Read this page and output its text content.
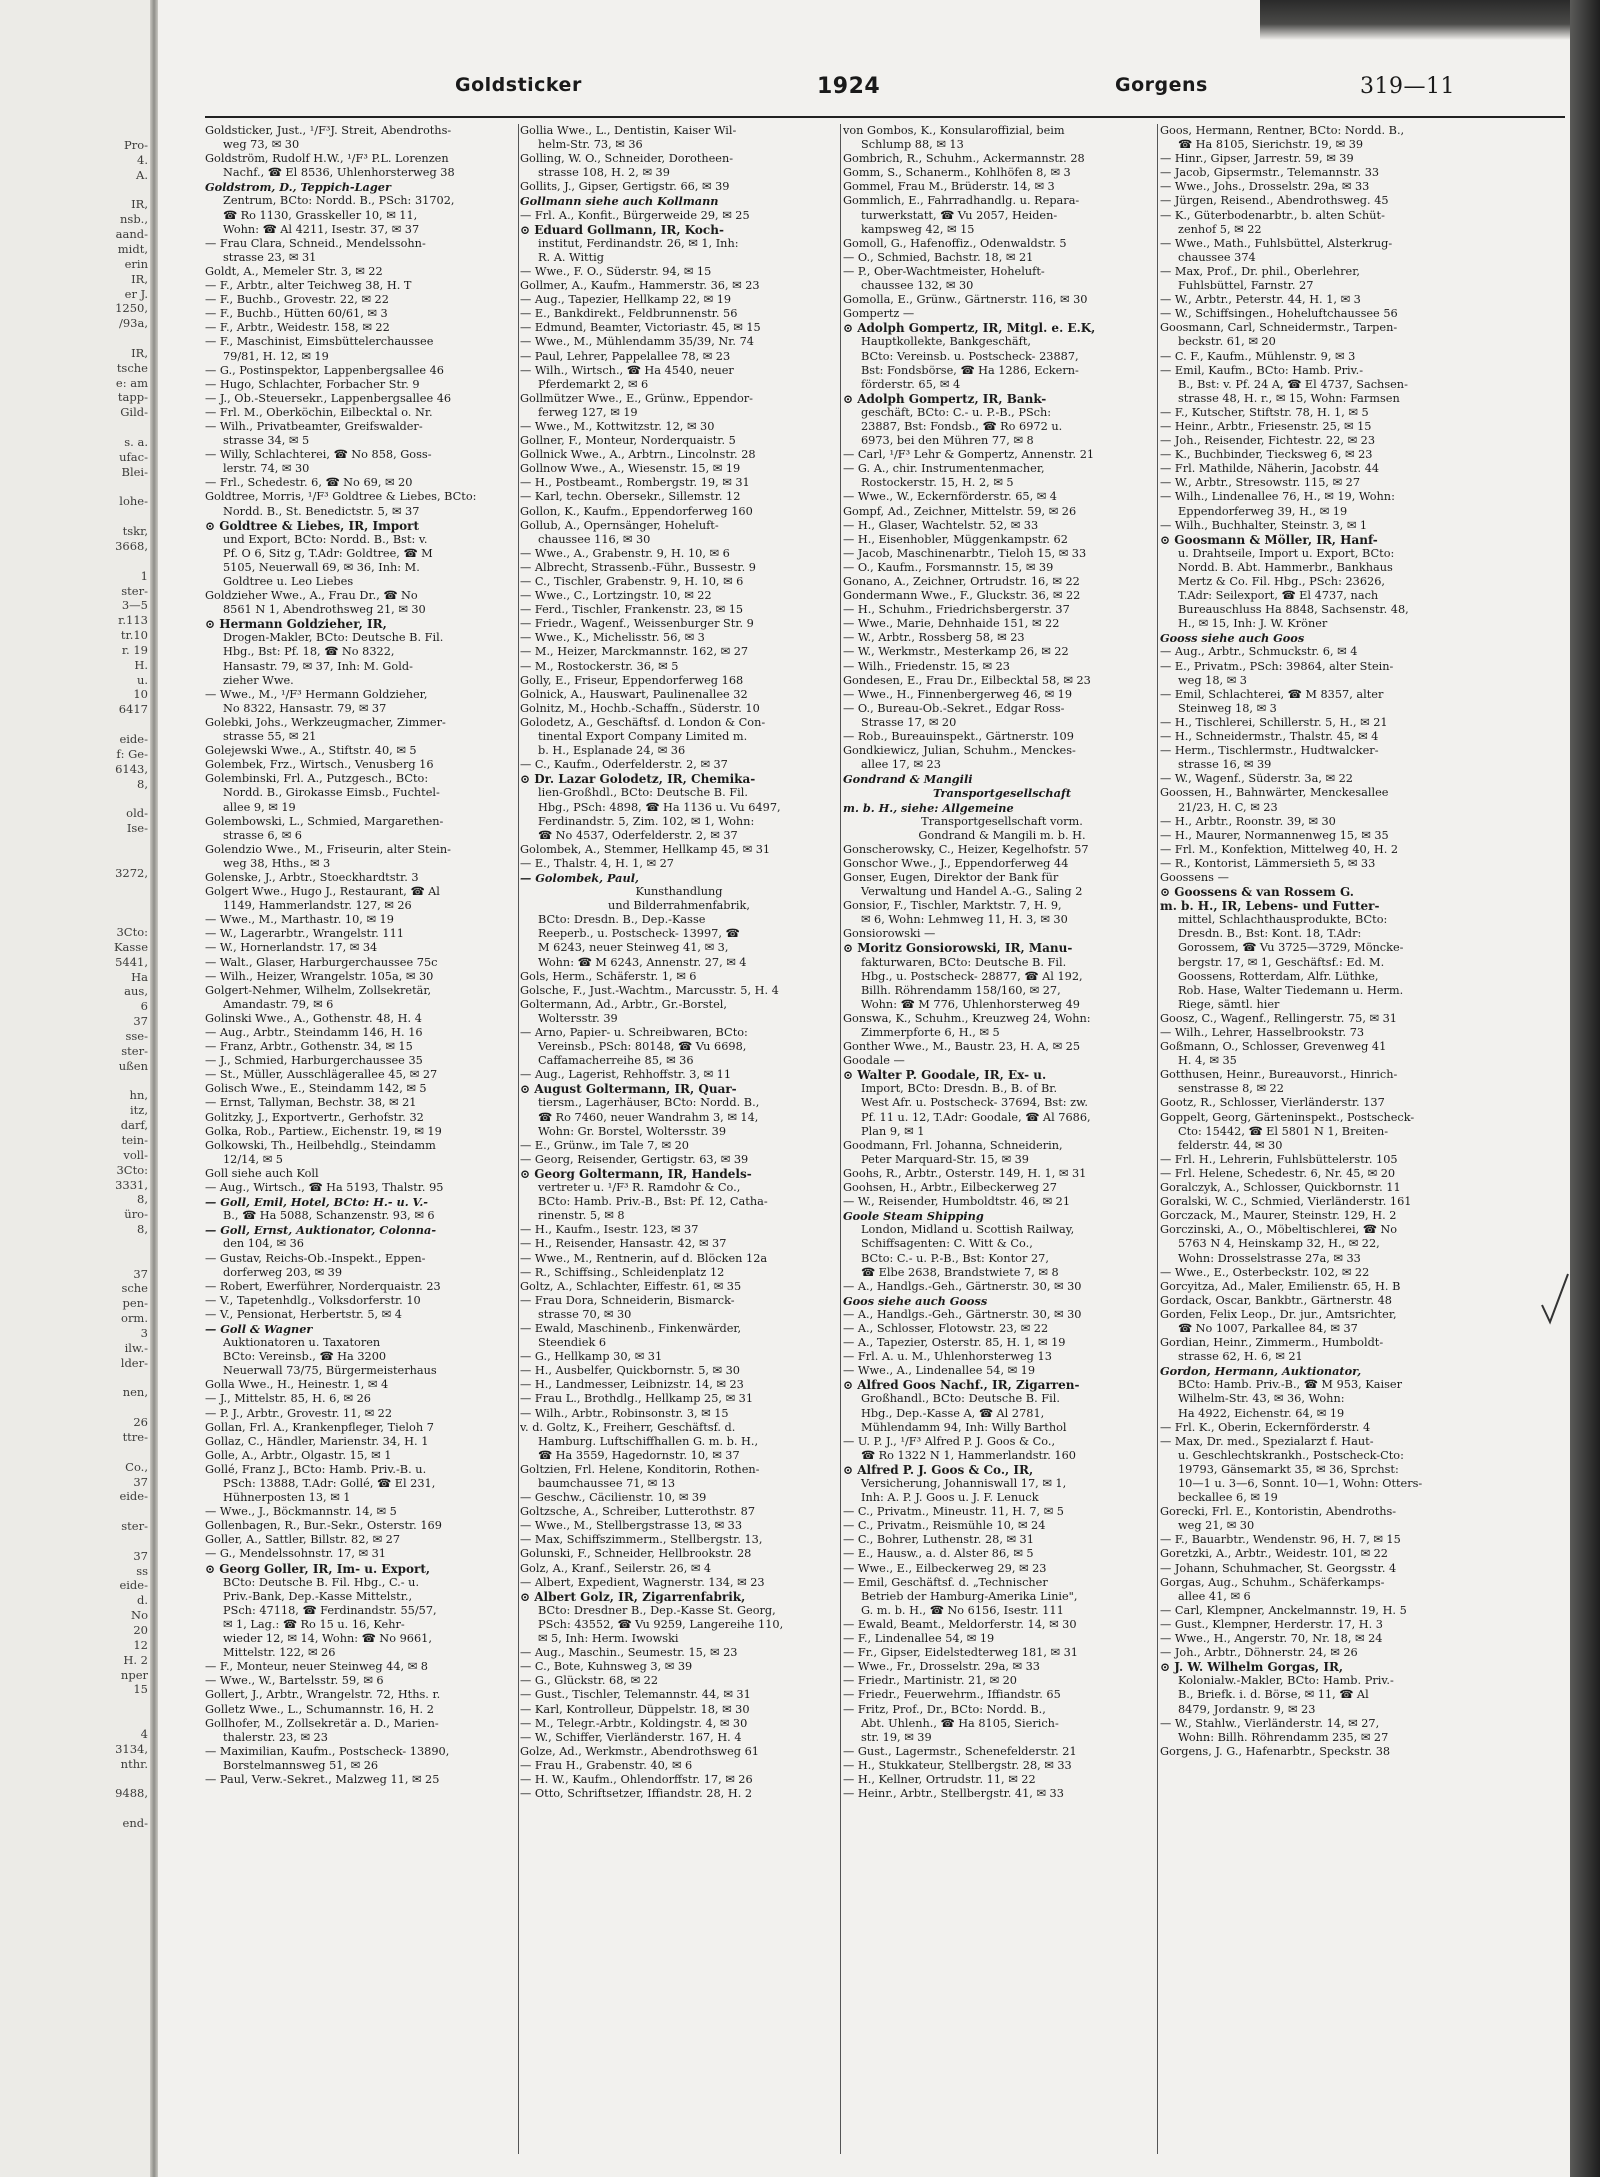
Pro-
4.
A.
IR,
nsb.,
aand-
midt,
erin
IR,
er J.
1250,
/93a,
IR,
tsche
e: am
tapp-
Gild-
s. a.
ufac-
Blei-
lohe-
tskr,
3668,
1
ster-
3—5
r.113
tr.10
r. 19
H.
u.
10
6417
eide-
f: Ge-
6143,
8,
old-
Ise-
3272,
3Cto:
Kasse
5441,
Ha
aus,
6
37
sse-
ster-
ußen
hn,
itz,
darf,
tein-
voll-
3Cto:
3331,
8,
üro-
8,
37
sche
pen-
orm.
3
ilw.-
lder-
nen,
26
ttre-
Co.,
37
eide-
ster-
37
ss
eide-
d.
No
20
12
H. 2
nper
15
4
3134,
nthr.
9488,
end-
Goldsticker	1924	Gorgens	319—11
Goldsticker, Just., ¹/F³J. Streit, Abendroths-
weg 73, ✉ 30
Goldström, Rudolf H.W., ¹/F³ P.L. Lorenzen
Nachf., ☎ El 8536, Uhlenhorsterweg 38
Goldstrom, D., Teppich-Lager
Zentrum, BCto: Nordd. B., PSch: 31702,
☎ Ro 1130, Grasskeller 10, ✉ 11,
Wohn: ☎ Al 4211, Isestr. 37, ✉ 37
— Frau Clara, Schneid., Mendelssohn-
strasse 23, ✉ 31
Goldt, A., Memeler Str. 3, ✉ 22
— F., Arbtr., alter Teichweg 38, H. T
— F., Buchb., Grovestr. 22, ✉ 22
— F., Buchb., Hütten 60/61, ✉ 3
— F., Arbtr., Weidestr. 158, ✉ 22
— F., Maschinist, Eimsbüttelerchaussee
79/81, H. 12, ✉ 19
— G., Postinspektor, Lappenbergsallee 46
— Hugo, Schlachter, Forbacher Str. 9
— J., Ob.-Steuersekr., Lappenbergsallee 46
— Frl. M., Oberköchin, Eilbecktal o. Nr.
— Wilh., Privatbeamter, Greifswalder-
strasse 34, ✉ 5
— Willy, Schlachterei, ☎ No 858, Goss-
lerstr. 74, ✉ 30
— Frl., Schedestr. 6, ☎ No 69, ✉ 20
Goldtree, Morris, ¹/F³ Goldtree & Liebes, BCto:
Nordd. B., St. Benedictstr. 5, ✉ 37
⊙ Goldtree & Liebes, IR, Import
und Export, BCto: Nordd. B., Bst: v.
Pf. O 6, Sitz g, T.Adr: Goldtree, ☎ M
5105, Neuerwall 69, ✉ 36, Inh: M.
Goldtree u. Leo Liebes
Goldzieher Wwe., A., Frau Dr., ☎ No
8561 N 1, Abendrothsweg 21, ✉ 30
⊙ Hermann Goldzieher, IR,
Drogen-Makler, BCto: Deutsche B. Fil.
Hbg., Bst: Pf. 18, ☎ No 8322,
Hansastr. 79, ✉ 37, Inh: M. Gold-
zieher Wwe.
— Wwe., M., ¹/F³ Hermann Goldzieher,
No 8322, Hansastr. 79, ✉ 37
Golebki, Johs., Werkzeugmacher, Zimmer-
strasse 55, ✉ 21
Golejewski Wwe., A., Stiftstr. 40, ✉ 5
Golembek, Frz., Wirtsch., Venusberg 16
Golembinski, Frl. A., Putzgesch., BCto:
Nordd. B., Girokasse Eimsb., Fuchtel-
allee 9, ✉ 19
Golembowski, L., Schmied, Margarethen-
strasse 6, ✉ 6
Golendzio Wwe., M., Friseurin, alter Stein-
weg 38, Hths., ✉ 3
Golenske, J., Arbtr., Stoeckhardtstr. 3
Golgert Wwe., Hugo J., Restaurant, ☎ Al
1149, Hammerlandstr. 127, ✉ 26
— Wwe., M., Marthastr. 10, ✉ 19
— W., Lagerarbtr., Wrangelstr. 111
— W., Hornerlandstr. 17, ✉ 34
— Walt., Glaser, Harburgerchaussee 75c
— Wilh., Heizer, Wrangelstr. 105a, ✉ 30
Golgert-Nehmer, Wilhelm, Zollsekretär,
Amandastr. 79, ✉ 6
Golinski Wwe., A., Gothenstr. 48, H. 4
— Aug., Arbtr., Steindamm 146, H. 16
— Franz, Arbtr., Gothenstr. 34, ✉ 15
— J., Schmied, Harburgerchaussee 35
— St., Müller, Ausschlägerallee 45, ✉ 27
Golisch Wwe., E., Steindamm 142, ✉ 5
— Ernst, Tallyman, Bechstr. 38, ✉ 21
Golitzky, J., Exportvertr., Gerhofstr. 32
Golka, Rob., Partiew., Eichenstr. 19, ✉ 19
Golkowski, Th., Heilbehdlg., Steindamm
12/14, ✉ 5
Goll siehe auch Koll
— Aug., Wirtsch., ☎ Ha 5193, Thalstr. 95
— Goll, Emil, Hotel, BCto: H.- u. V.-
B., ☎ Ha 5088, Schanzenstr. 93, ✉ 6
— Goll, Ernst, Auktionator, Colonna-
den 104, ✉ 36
— Gustav, Reichs-Ob.-Inspekt., Eppen-
dorferweg 203, ✉ 39
— Robert, Ewerführer, Norderquaistr. 23
— V., Tapetenhdlg., Volksdorferstr. 10
— V., Pensionat, Herbertstr. 5, ✉ 4
— Goll & Wagner
Auktionatoren u. Taxatoren
BCto: Vereinsb., ☎ Ha 3200
Neuerwall 73/75, Bürgermeisterhaus
Golla Wwe., H., Heinestr. 1, ✉ 4
— J., Mittelstr. 85, H. 6, ✉ 26
— P. J., Arbtr., Grovestr. 11, ✉ 22
Gollan, Frl. A., Krankenpfleger, Tieloh 7
Gollaz, C., Händler, Marienstr. 34, H. 1
Golle, A., Arbtr., Olgastr. 15, ✉ 1
Gollé, Franz J., BCto: Hamb. Priv.-B. u.
PSch: 13888, T.Adr: Gollé, ☎ El 231,
Hühnerposten 13, ✉ 1
— Wwe., J., Böckmannstr. 14, ✉ 5
Gollenbagen, R., Bur.-Sekr., Osterstr. 169
Goller, A., Sattler, Billstr. 82, ✉ 27
— G., Mendelssohnstr. 17, ✉ 31
⊙ Georg Goller, IR, Im- u. Export,
BCto: Deutsche B. Fil. Hbg., C.- u.
Priv.-Bank, Dep.-Kasse Mittelstr.,
PSch: 47118, ☎ Ferdinandstr. 55/57,
✉ 1, Lag.: ☎ Ro 15 u. 16, Kehr-
wieder 12, ✉ 14, Wohn: ☎ No 9661,
Mittelstr. 122, ✉ 26
— F., Monteur, neuer Steinweg 44, ✉ 8
— Wwe., W., Bartelsstr. 59, ✉ 6
Gollert, J., Arbtr., Wrangelstr. 72, Hths. r.
Golletz Wwe., L., Schumannstr. 16, H. 2
Gollhofer, M., Zollsekretär a. D., Marien-
thalerstr. 23, ✉ 23
— Maximilian, Kaufm., Postscheck- 13890,
Borstelmannsweg 51, ✉ 26
— Paul, Verw.-Sekret., Malzweg 11, ✉ 25
Gollia Wwe., L., Dentistin, Kaiser Wil-
helm-Str. 73, ✉ 36
Golling, W. O., Schneider, Dorotheen-
strasse 108, H. 2, ✉ 39
Gollits, J., Gipser, Gertigstr. 66, ✉ 39
Gollmann siehe auch Kollmann
— Frl. A., Konfit., Bürgerweide 29, ✉ 25
⊙ Eduard Gollmann, IR, Koch-
institut, Ferdinandstr. 26, ✉ 1, Inh:
R. A. Wittig
— Wwe., F. O., Süderstr. 94, ✉ 15
Gollmer, A., Kaufm., Hammerstr. 36, ✉ 23
— Aug., Tapezier, Hellkamp 22, ✉ 19
— E., Bankdirekt., Feldbrunnenstr. 56
— Edmund, Beamter, Victoriastr. 45, ✉ 15
— Wwe., M., Mühlendamm 35/39, Nr. 74
— Paul, Lehrer, Pappelallee 78, ✉ 23
— Wilh., Wirtsch., ☎ Ha 4540, neuer
Pferdemarkt 2, ✉ 6
Gollmützer Wwe., E., Grünw., Eppendor-
ferweg 127, ✉ 19
— Wwe., M., Kottwitzstr. 12, ✉ 30
Gollner, F., Monteur, Norderquaistr. 5
Gollnick Wwe., A., Arbtrn., Lincolnstr. 28
Gollnow Wwe., A., Wiesenstr. 15, ✉ 19
— H., Postbeamt., Rombergstr. 19, ✉ 31
— Karl, techn. Obersekr., Sillemstr. 12
Gollon, K., Kaufm., Eppendorferweg 160
Gollub, A., Opernsänger, Hoheluft-
chaussee 116, ✉ 30
— Wwe., A., Grabenstr. 9, H. 10, ✉ 6
— Albrecht, Strassenb.-Führ., Bussestr. 9
— C., Tischler, Grabenstr. 9, H. 10, ✉ 6
— Wwe., C., Lortzingstr. 10, ✉ 22
— Ferd., Tischler, Frankenstr. 23, ✉ 15
— Friedr., Wagenf., Weissenburger Str. 9
— Wwe., K., Michelisstr. 56, ✉ 3
— M., Heizer, Marckmannstr. 162, ✉ 27
— M., Rostockerstr. 36, ✉ 5
Golly, E., Friseur, Eppendorferweg 168
Golnick, A., Hauswart, Paulinenallee 32
Golnitz, M., Hochb.-Schaffn., Süderstr. 10
Golodetz, A., Geschäftsf. d. London & Con-
tinental Export Company Limited m.
b. H., Esplanade 24, ✉ 36
— C., Kaufm., Oderfelderstr. 2, ✉ 37
⊙ Dr. Lazar Golodetz, IR, Chemika-
lien-Großhdl., BCto: Deutsche B. Fil.
Hbg., PSch: 4898, ☎ Ha 1136 u. Vu 6497,
Ferdinandstr. 5, Zim. 102, ✉ 1, Wohn:
☎ No 4537, Oderfelderstr. 2, ✉ 37
Golombek, A., Stemmer, Hellkamp 45, ✉ 31
— E., Thalstr. 4, H. 1, ✉ 27
— Golombek, Paul,
Kunsthandlung
und Bilderrahmenfabrik,
BCto: Dresdn. B., Dep.-Kasse
Reeperb., u. Postscheck- 13997, ☎
M 6243, neuer Steinweg 41, ✉ 3,
Wohn: ☎ M 6243, Annenstr. 27, ✉ 4
Gols, Herm., Schäferstr. 1, ✉ 6
Golsche, F., Just.-Wachtm., Marcusstr. 5, H. 4
Goltermann, Ad., Arbtr., Gr.-Borstel,
Woltersstr. 39
— Arno, Papier- u. Schreibwaren, BCto:
Vereinsb., PSch: 80148, ☎ Vu 6698,
Caffamacherreihe 85, ✉ 36
— Aug., Lagerist, Rehhoffstr. 3, ✉ 11
⊙ August Goltermann, IR, Quar-
tiersm., Lagerhäuser, BCto: Nordd. B.,
☎ Ro 7460, neuer Wandrahm 3, ✉ 14,
Wohn: Gr. Borstel, Woltersstr. 39
— E., Grünw., im Tale 7, ✉ 20
— Georg, Reisender, Gertigstr. 63, ✉ 39
⊙ Georg Goltermann, IR, Handels-
vertreter u. ¹/F³ R. Ramdohr & Co.,
BCto: Hamb. Priv.-B., Bst: Pf. 12, Catha-
rinenstr. 5, ✉ 8
— H., Kaufm., Isestr. 123, ✉ 37
— H., Reisender, Hansastr. 42, ✉ 37
— Wwe., M., Rentnerin, auf d. Blöcken 12a
— R., Schiffsing., Schleidenplatz 12
Goltz, A., Schlachter, Eiffestr. 61, ✉ 35
— Frau Dora, Schneiderin, Bismarck-
strasse 70, ✉ 30
— Ewald, Maschinenb., Finkenwärder,
Steendiek 6
— G., Hellkamp 30, ✉ 31
— H., Ausbelfer, Quickbornstr. 5, ✉ 30
— H., Landmesser, Leibnizstr. 14, ✉ 23
— Frau L., Brothdlg., Hellkamp 25, ✉ 31
— Wilh., Arbtr., Robinsonstr. 3, ✉ 15
v. d. Goltz, K., Freiherr, Geschäftsf. d.
Hamburg. Luftschiffhallen G. m. b. H.,
☎ Ha 3559, Hagedornstr. 10, ✉ 37
Goltzien, Frl. Helene, Konditorin, Rothen-
baumchaussee 71, ✉ 13
— Geschw., Cäcilienstr. 10, ✉ 39
Goltzsche, A., Schreiber, Lutterothstr. 87
— Wwe., M., Stellbergstrasse 13, ✉ 33
— Max, Schiffszimmerm., Stellbergstr. 13,
Golunski, F., Schneider, Hellbrookstr. 28
Golz, A., Kranf., Seilerstr. 26, ✉ 4
— Albert, Expedient, Wagnerstr. 134, ✉ 23
⊙ Albert Golz, IR, Zigarrenfabrik,
BCto: Dresdner B., Dep.-Kasse St. Georg,
PSch: 43552, ☎ Vu 9259, Langereihe 110,
✉ 5, Inh: Herm. Iwowski
— Aug., Maschin., Seumestr. 15, ✉ 23
— C., Bote, Kuhnsweg 3, ✉ 39
— G., Glückstr. 68, ✉ 22
— Gust., Tischler, Telemannstr. 44, ✉ 31
— Karl, Kontrolleur, Düppelstr. 18, ✉ 30
— M., Telegr.-Arbtr., Koldingstr. 4, ✉ 30
— W., Schiffer, Vierländerstr. 167, H. 4
Golze, Ad., Werkmstr., Abendrothsweg 61
— Frau H., Grabenstr. 40, ✉ 6
— H. W., Kaufm., Ohlendorffstr. 17, ✉ 26
— Otto, Schriftsetzer, Iffiandstr. 28, H. 2
von Gombos, K., Konsularoffizial, beim
Schlump 88, ✉ 13
Gombrich, R., Schuhm., Ackermannstr. 28
Gomm, S., Schanerm., Kohlhöfen 8, ✉ 3
Gommel, Frau M., Brüderstr. 14, ✉ 3
Gommlich, E., Fahrradhandlg. u. Repara-
turwerkstatt, ☎ Vu 2057, Heiden-
kampsweg 42, ✉ 15
Gomoll, G., Hafenoffiz., Odenwaldstr. 5
— O., Schmied, Bachstr. 18, ✉ 21
— P., Ober-Wachtmeister, Hoheluft-
chaussee 132, ✉ 30
Gomolla, E., Grünw., Gärtnerstr. 116, ✉ 30
Gompertz —
⊙ Adolph Gompertz, IR, Mitgl. e. E.K,
Hauptkollekte, Bankgeschäft,
BCto: Vereinsb. u. Postscheck- 23887,
Bst: Fondsbörse, ☎ Ha 1286, Eckern-
förderstr. 65, ✉ 4
⊙ Adolph Gompertz, IR, Bank-
geschäft, BCto: C.- u. P.-B., PSch:
23887, Bst: Fondsb., ☎ Ro 6972 u.
6973, bei den Mühren 77, ✉ 8
— Carl, ¹/F³ Lehr & Gompertz, Annenstr. 21
— G. A., chir. Instrumentenmacher,
Rostockerstr. 15, H. 2, ✉ 5
— Wwe., W., Eckernförderstr. 65, ✉ 4
Gompf, Ad., Zeichner, Mittelstr. 59, ✉ 26
— H., Glaser, Wachtelstr. 52, ✉ 33
— H., Eisenhobler, Müggenkampstr. 62
— Jacob, Maschinenarbtr., Tieloh 15, ✉ 33
— O., Kaufm., Forsmannstr. 15, ✉ 39
Gonano, A., Zeichner, Ortrudstr. 16, ✉ 22
Gondermann Wwe., F., Gluckstr. 36, ✉ 22
— H., Schuhm., Friedrichsbergerstr. 37
— Wwe., Marie, Dehnhaide 151, ✉ 22
— W., Arbtr., Rossberg 58, ✉ 23
— W., Werkmstr., Mesterkamp 26, ✉ 22
— Wilh., Friedenstr. 15, ✉ 23
Gondesen, E., Frau Dr., Eilbecktal 58, ✉ 23
— Wwe., H., Finnenbergerweg 46, ✉ 19
— O., Bureau-Ob.-Sekret., Edgar Ross-
Strasse 17, ✉ 20
— Rob., Bureauinspekt., Gärtnerstr. 109
Gondkiewicz, Julian, Schuhm., Menckes-
allee 17, ✉ 23
Gondrand & Mangili
Transportgesellschaft
m. b. H., siehe: Allgemeine
Transportgesellschaft vorm.
Gondrand & Mangili m. b. H.
Gonscherowsky, C., Heizer, Kegelhofstr. 57
Gonschor Wwe., J., Eppendorferweg 44
Gonser, Eugen, Direktor der Bank für
Verwaltung und Handel A.-G., Saling 2
Gonsior, F., Tischler, Marktstr. 7, H. 9,
✉ 6, Wohn: Lehmweg 11, H. 3, ✉ 30
Gonsiorowski —
⊙ Moritz Gonsiorowski, IR, Manu-
fakturwaren, BCto: Deutsche B. Fil.
Hbg., u. Postscheck- 28877, ☎ Al 192,
Billh. Röhrendamm 158/160, ✉ 27,
Wohn: ☎ M 776, Uhlenhorsterweg 49
Gonswa, K., Schuhm., Kreuzweg 24, Wohn:
Zimmerpforte 6, H., ✉ 5
Gonther Wwe., M., Baustr. 23, H. A, ✉ 25
Goodale —
⊙ Walter P. Goodale, IR, Ex- u.
Import, BCto: Dresdn. B., B. of Br.
West Afr. u. Postscheck- 37694, Bst: zw.
Pf. 11 u. 12, T.Adr: Goodale, ☎ Al 7686,
Plan 9, ✉ 1
Goodmann, Frl. Johanna, Schneiderin,
Peter Marquard-Str. 15, ✉ 39
Goohs, R., Arbtr., Osterstr. 149, H. 1, ✉ 31
Goohsen, H., Arbtr., Eilbeckerweg 27
— W., Reisender, Humboldtstr. 46, ✉ 21
Goole Steam Shipping
London, Midland u. Scottish Railway,
Schiffsagenten: C. Witt & Co.,
BCto: C.- u. P.-B., Bst: Kontor 27,
☎ Elbe 2638, Brandstwiete 7, ✉ 8
— A., Handlgs.-Geh., Gärtnerstr. 30, ✉ 30
Goos siehe auch Gooss
— A., Handlgs.-Geh., Gärtnerstr. 30, ✉ 30
— A., Schlosser, Flotowstr. 23, ✉ 22
— A., Tapezier, Osterstr. 85, H. 1, ✉ 19
— Frl. A. u. M., Uhlenhorsterweg 13
— Wwe., A., Lindenallee 54, ✉ 19
⊙ Alfred Goos Nachf., IR, Zigarren-
Großhandl., BCto: Deutsche B. Fil.
Hbg., Dep.-Kasse A, ☎ Al 2781,
Mühlendamm 94, Inh: Willy Barthol
— U. P. J., ¹/F³ Alfred P. J. Goos & Co.,
☎ Ro 1322 N 1, Hammerlandstr. 160
⊙ Alfred P. J. Goos & Co., IR,
Versicherung, Johanniswall 17, ✉ 1,
Inh: A. P. J. Goos u. J. F. Lenuck
— C., Privatm., Mineustr. 11, H. 7, ✉ 5
— C., Privatm., Reismühle 10, ✉ 24
— C., Bohrer, Luthenstr. 28, ✉ 31
— E., Hausw., a. d. Alster 86, ✉ 5
— Wwe., E., Eilbeckerweg 29, ✉ 23
— Emil, Geschäftsf. d. „Technischer
Betrieb der Hamburg-Amerika Linie",
G. m. b. H., ☎ No 6156, Isestr. 111
— Ewald, Beamt., Meldorferstr. 14, ✉ 30
— F., Lindenallee 54, ✉ 19
— Fr., Gipser, Eidelstedterweg 181, ✉ 31
— Wwe., Fr., Drosselstr. 29a, ✉ 33
— Friedr., Martinistr. 21, ✉ 20
— Friedr., Feuerwehrm., Iffiandstr. 65
— Fritz, Prof., Dr., BCto: Nordd. B.,
Abt. Uhlenh., ☎ Ha 8105, Sierich-
str. 19, ✉ 39
— Gust., Lagermstr., Schenefelderstr. 21
— H., Stukkateur, Stellbergstr. 28, ✉ 33
— H., Kellner, Ortrudstr. 11, ✉ 22
— Heinr., Arbtr., Stellbergstr. 41, ✉ 33
Goos, Hermann, Rentner, BCto: Nordd. B.,
☎ Ha 8105, Sierichstr. 19, ✉ 39
— Hinr., Gipser, Jarrestr. 59, ✉ 39
— Jacob, Gipsermstr., Telemannstr. 33
— Wwe., Johs., Drosselstr. 29a, ✉ 33
— Jürgen, Reisend., Abendrothsweg. 45
— K., Güterbodenarbtr., b. alten Schüt-
zenhof 5, ✉ 22
— Wwe., Math., Fuhlsbüttel, Alsterkrug-
chaussee 374
— Max, Prof., Dr. phil., Oberlehrer,
Fuhlsbüttel, Farnstr. 27
— W., Arbtr., Peterstr. 44, H. 1, ✉ 3
— W., Schiffsingen., Hoheluftchaussee 56
Goosmann, Carl, Schneidermstr., Tarpen-
beckstr. 61, ✉ 20
— C. F., Kaufm., Mühlenstr. 9, ✉ 3
— Emil, Kaufm., BCto: Hamb. Priv.-
B., Bst: v. Pf. 24 A, ☎ El 4737, Sachsen-
strasse 48, H. r., ✉ 15, Wohn: Farmsen
— F., Kutscher, Stiftstr. 78, H. 1, ✉ 5
— Heinr., Arbtr., Friesenstr. 25, ✉ 15
— Joh., Reisender, Fichtestr. 22, ✉ 23
— K., Buchbinder, Tiecksweg 6, ✉ 23
— Frl. Mathilde, Näherin, Jacobstr. 44
— W., Arbtr., Stresowstr. 115, ✉ 27
— Wilh., Lindenallee 76, H., ✉ 19, Wohn:
Eppendorferweg 39, H., ✉ 19
— Wilh., Buchhalter, Steinstr. 3, ✉ 1
⊙ Goosmann & Möller, IR, Hanf-
u. Drahtseile, Import u. Export, BCto:
Nordd. B. Abt. Hammerbr., Bankhaus
Mertz & Co. Fil. Hbg., PSch: 23626,
T.Adr: Seilexport, ☎ El 4737, nach
Bureauschluss Ha 8848, Sachsenstr. 48,
H., ✉ 15, Inh: J. W. Kröner
Gooss siehe auch Goos
— Aug., Arbtr., Schmuckstr. 6, ✉ 4
— E., Privatm., PSch: 39864, alter Stein-
weg 18, ✉ 3
— Emil, Schlachterei, ☎ M 8357, alter
Steinweg 18, ✉ 3
— H., Tischlerei, Schillerstr. 5, H., ✉ 21
— H., Schneidermstr., Thalstr. 45, ✉ 4
— Herm., Tischlermstr., Hudtwalcker-
strasse 16, ✉ 39
— W., Wagenf., Süderstr. 3a, ✉ 22
Goossen, H., Bahnwärter, Menckesallee
21/23, H. C, ✉ 23
— H., Arbtr., Roonstr. 39, ✉ 30
— H., Maurer, Normannenweg 15, ✉ 35
— Frl. M., Konfektion, Mittelweg 40, H. 2
— R., Kontorist, Lämmersieth 5, ✉ 33
Goossens —
⊙ Goossens & van Rossem G.
m. b. H., IR, Lebens- und Futter-
mittel, Schlachthausprodukte, BCto:
Dresdn. B., Bst: Kont. 18, T.Adr:
Gorossem, ☎ Vu 3725—3729, Möncke-
bergstr. 17, ✉ 1, Geschäftsf.: Ed. M.
Goossens, Rotterdam, Alfr. Lüthke,
Rob. Hase, Walter Tiedemann u. Herm.
Riege, sämtl. hier
Goosz, C., Wagenf., Rellingerstr. 75, ✉ 31
— Wilh., Lehrer, Hasselbrookstr. 73
Goßmann, O., Schlosser, Grevenweg 41
H. 4, ✉ 35
Gotthusen, Heinr., Bureauvorst., Hinrich-
senstrasse 8, ✉ 22
Gootz, R., Schlosser, Vierländerstr. 137
Goppelt, Georg, Gärteninspekt., Postscheck-
Cto: 15442, ☎ El 5801 N 1, Breiten-
felderstr. 44, ✉ 30
— Frl. H., Lehrerin, Fuhlsbüttelerstr. 105
— Frl. Helene, Schedestr. 6, Nr. 45, ✉ 20
Goralczyk, A., Schlosser, Quickbornstr. 11
Goralski, W. C., Schmied, Vierländerstr. 161
Gorczack, M., Maurer, Steinstr. 129, H. 2
Gorczinski, A., O., Möbeltischlerei, ☎ No
5763 N 4, Heinskamp 32, H., ✉ 22,
Wohn: Drosselstrasse 27a, ✉ 33
— Wwe., E., Osterbeckstr. 102, ✉ 22
Gorcyitza, Ad., Maler, Emilienstr. 65, H. B
Gordack, Oscar, Bankbtr., Gärtnerstr. 48
Gorden, Felix Leop., Dr. jur., Amtsrichter,
☎ No 1007, Parkallee 84, ✉ 37
Gordian, Heinr., Zimmerm., Humboldt-
strasse 62, H. 6, ✉ 21
Gordon, Hermann, Auktionator,
BCto: Hamb. Priv.-B., ☎ M 953, Kaiser
Wilhelm-Str. 43, ✉ 36, Wohn:
Ha 4922, Eichenstr. 64, ✉ 19
— Frl. K., Oberin, Eckernförderstr. 4
— Max, Dr. med., Spezialarzt f. Haut-
u. Geschlechtskrankh., Postscheck-Cto:
19793, Gänsemarkt 35, ✉ 36, Sprchst:
10—1 u. 3—6, Sonnt. 10—1, Wohn: Otters-
beckallee 6, ✉ 19
Gorecki, Frl. E., Kontoristin, Abendroths-
weg 21, ✉ 30
— F., Bauarbtr., Wendenstr. 96, H. 7, ✉ 15
Goretzki, A., Arbtr., Weidestr. 101, ✉ 22
— Johann, Schuhmacher, St. Georgsstr. 4
Gorgas, Aug., Schuhm., Schäferkamps-
allee 41, ✉ 6
— Carl, Klempner, Anckelmannstr. 19, H. 5
— Gust., Klempner, Herderstr. 17, H. 3
— Wwe., H., Angerstr. 70, Nr. 18, ✉ 24
— Joh., Arbtr., Döhnerstr. 24, ✉ 26
⊙ J. W. Wilhelm Gorgas, IR,
Kolonialw.-Makler, BCto: Hamb. Priv.-
B., Briefk. i. d. Börse, ✉ 11, ☎ Al
8479, Jordanstr. 9, ✉ 23
— W., Stahlw., Vierländerstr. 14, ✉ 27,
Wohn: Billh. Röhrendamm 235, ✉ 27
Gorgens, J. G., Hafenarbtr., Speckstr. 38
